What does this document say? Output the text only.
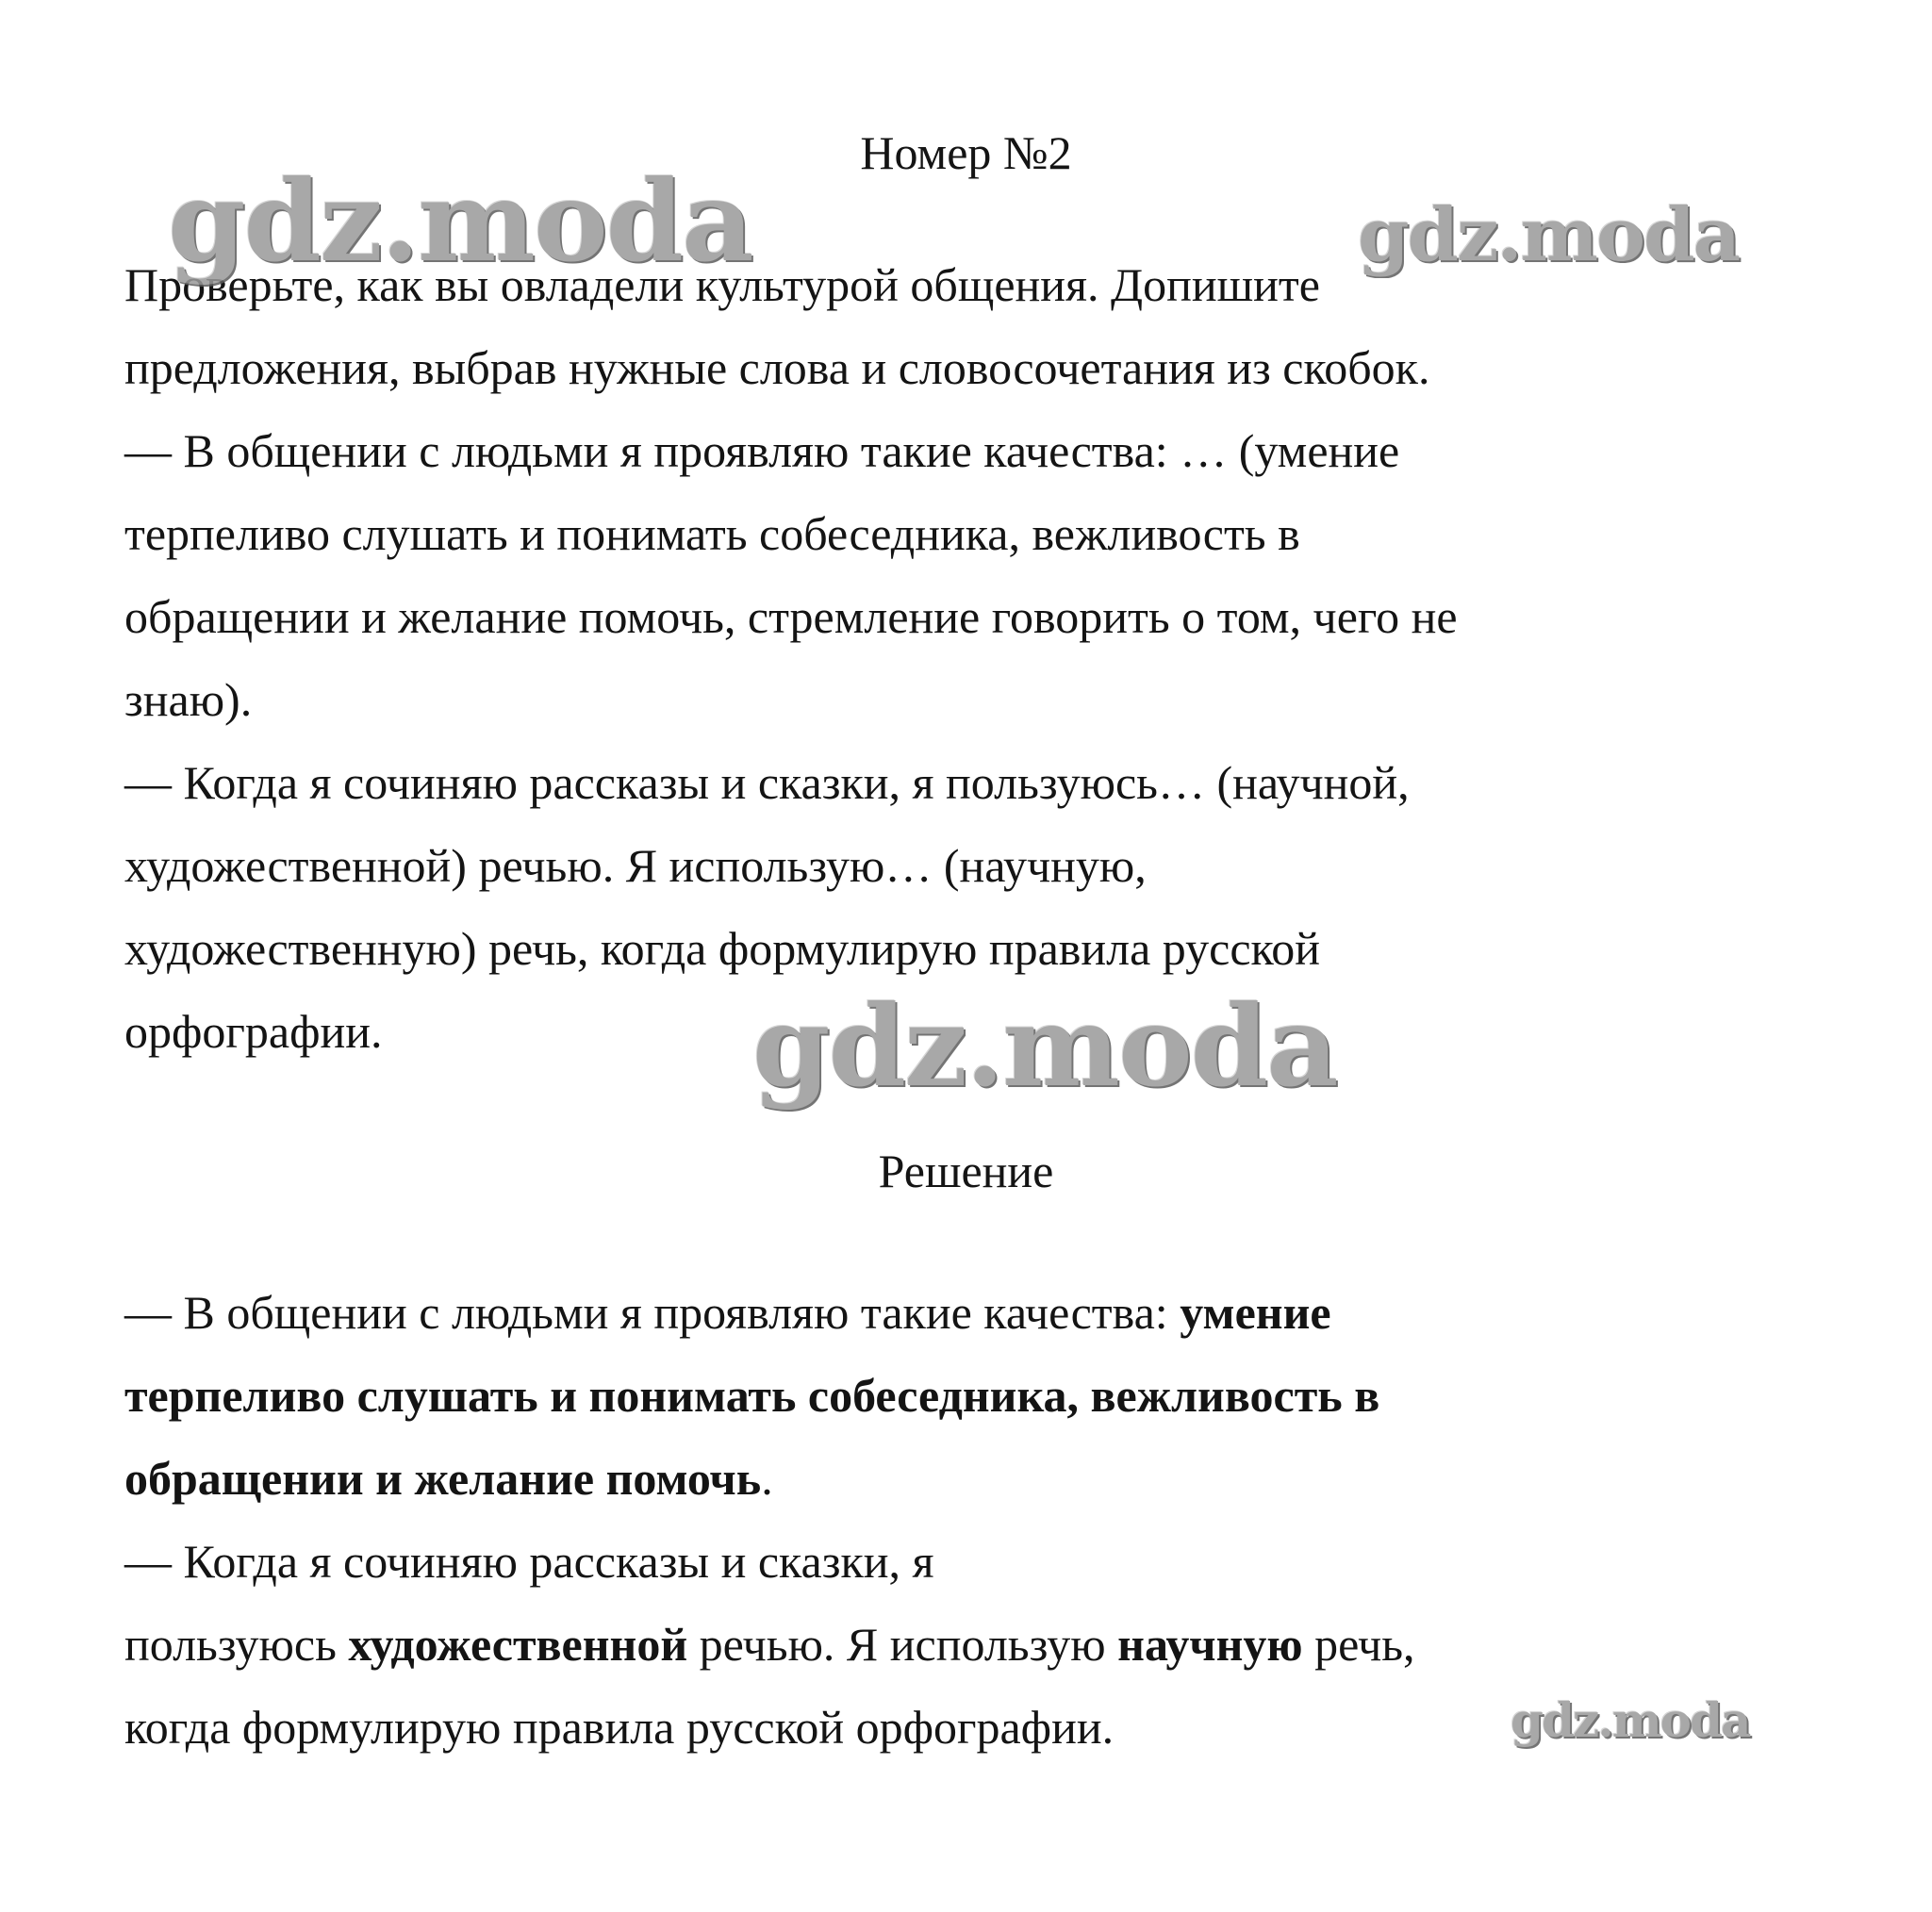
Номер №2
Проверьте, как вы овладели культурой общения. Допишите
предложения, выбрав нужные слова и словосочетания из скобок.
— В общении с людьми я проявляю такие качества: … (умение
терпеливо слушать и понимать собеседника, вежливость в
обращении и желание помочь, стремление говорить о том, чего не
знаю).
— Когда я сочиняю рассказы и сказки, я пользуюсь… (научной,
художественной) речью. Я использую… (научную,
художественную) речь, когда формулирую правила русской
орфографии.
Решение
— В общении с людьми я проявляю такие качества: умение
терпеливо слушать и понимать собеседника, вежливость в
обращении и желание помочь.
— Когда я сочиняю рассказы и сказки, я
пользуюсь художественной речью. Я использую научную речь,
когда формулирую правила русской орфографии.
gdz.moda	gdz.moda
gdz.moda
gdz.moda
